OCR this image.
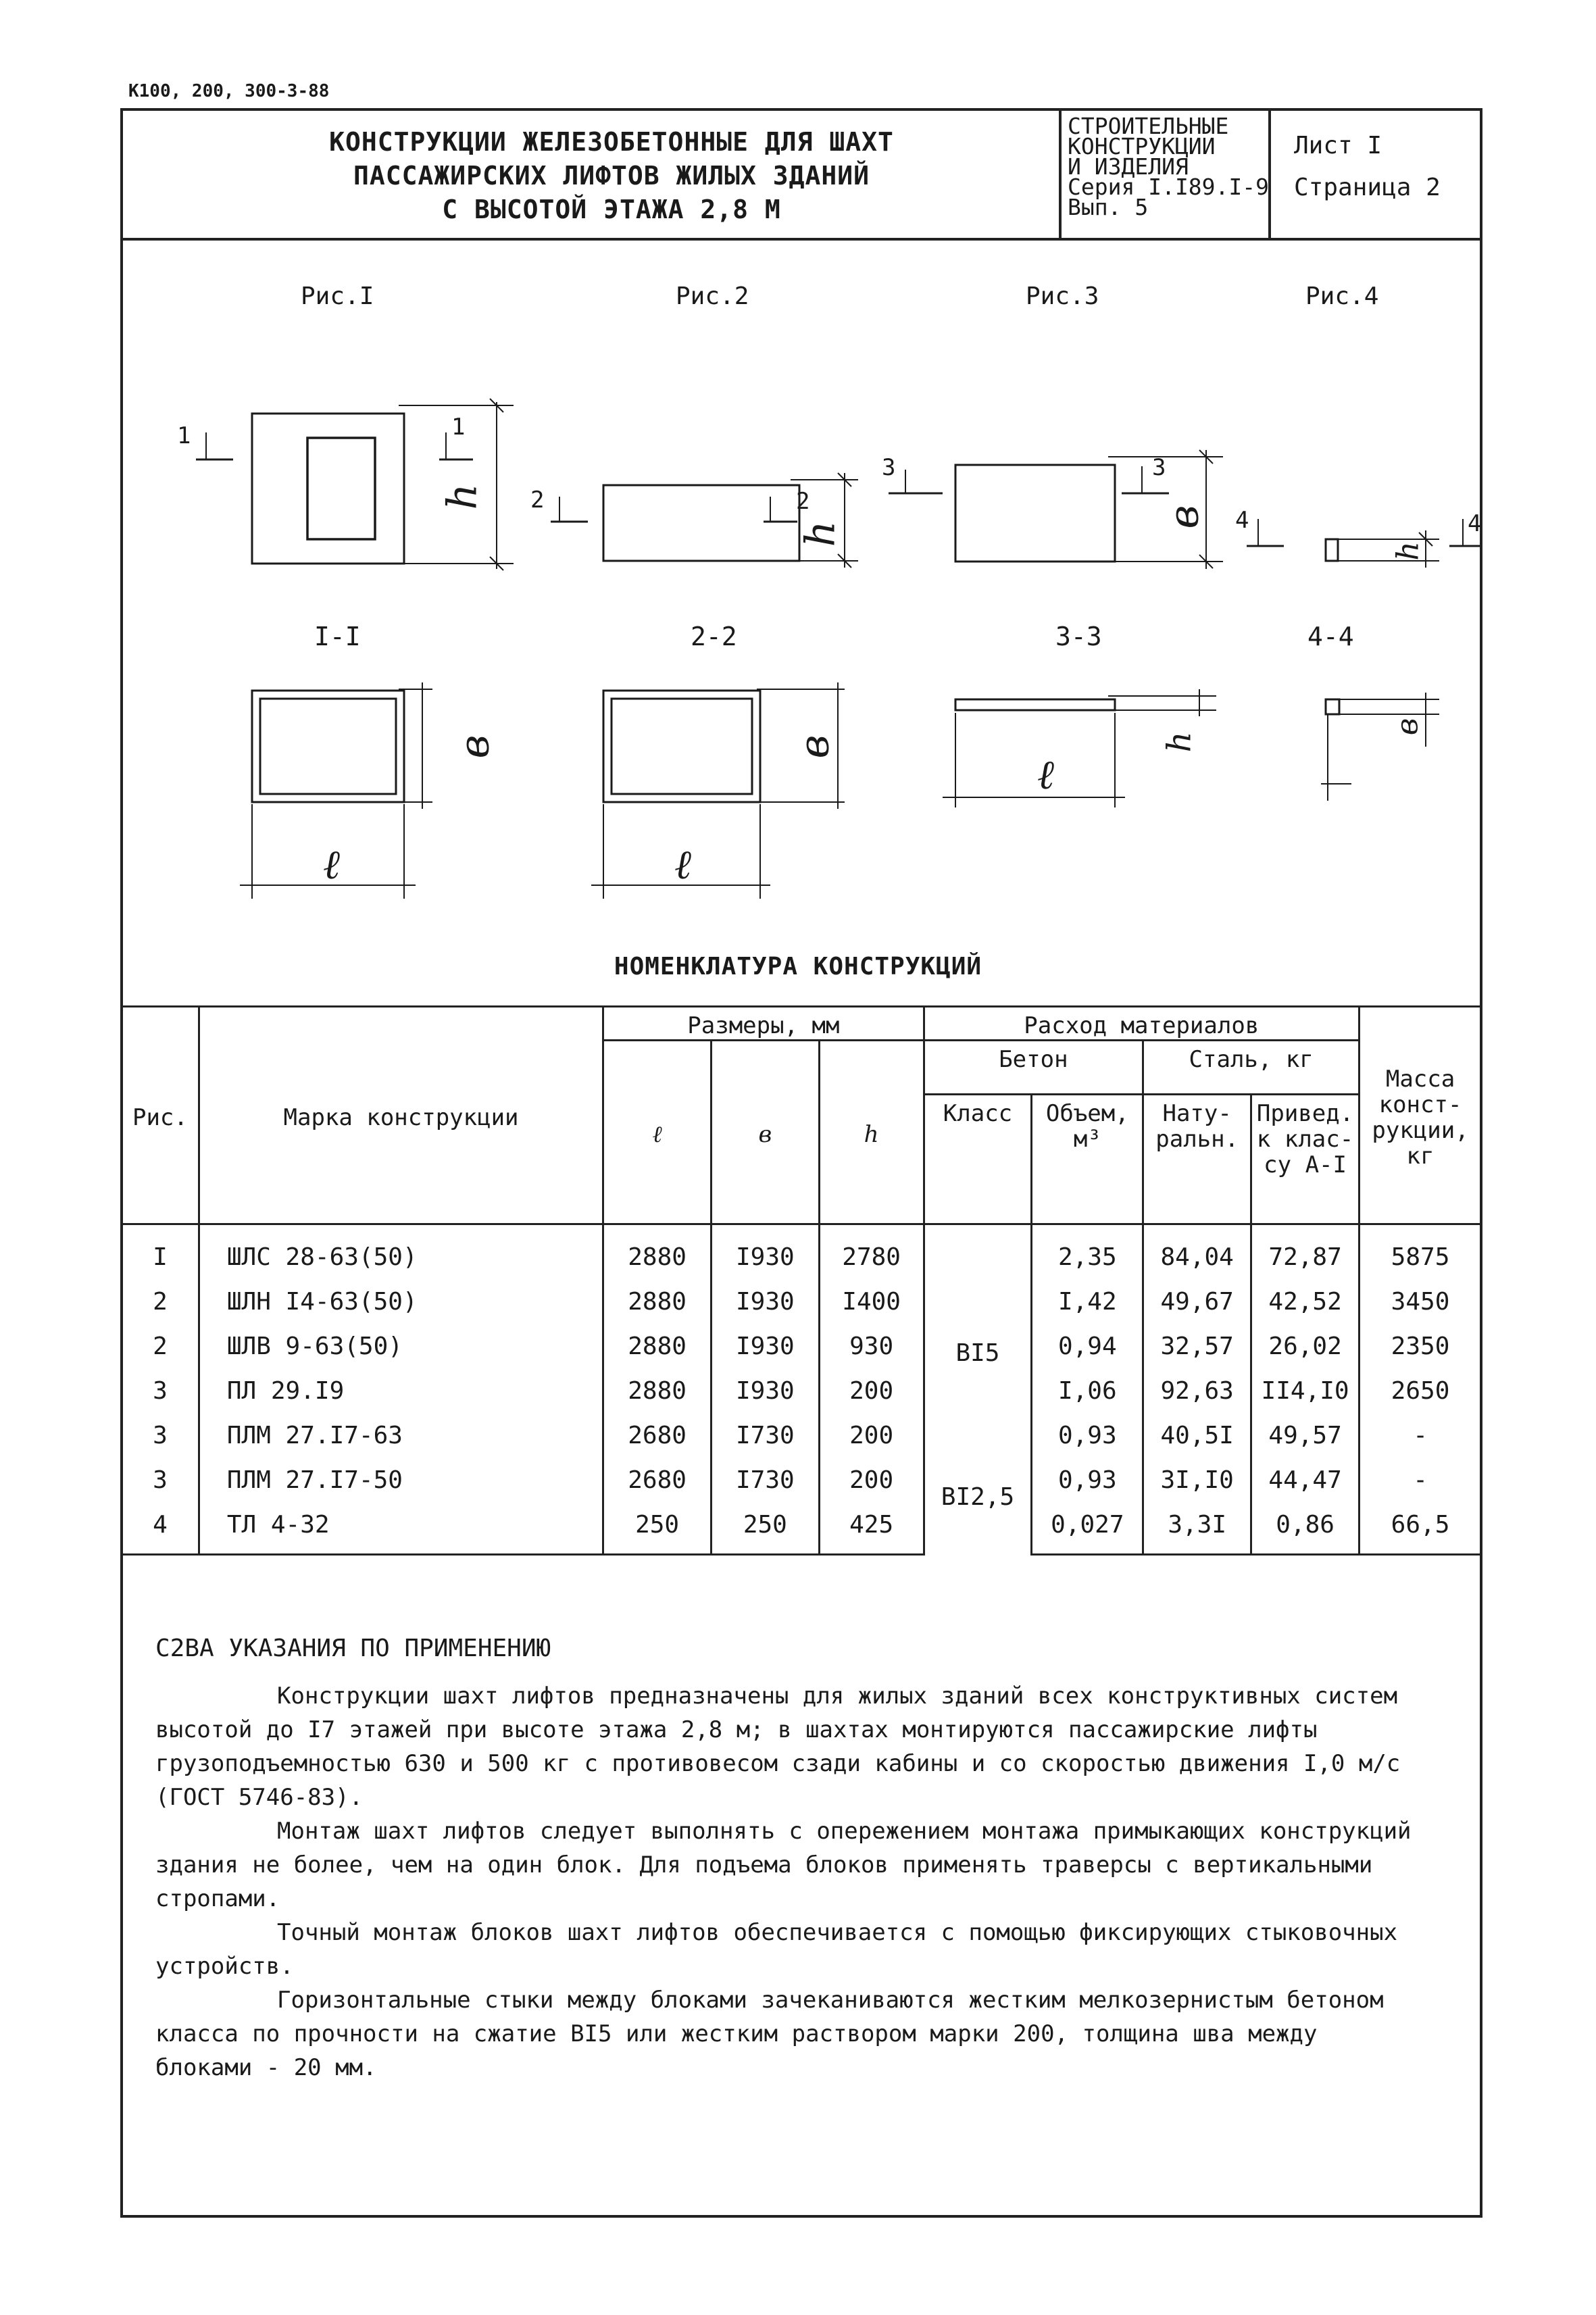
К100, 200, 300-3-88
КОНСТРУКЦИИ ЖЕЛЕЗОБЕТОННЫЕ ДЛЯ ШАХТ
ПАССАЖИРСКИХ ЛИФТОВ ЖИЛЫХ ЗДАНИЙ
С ВЫСОТОЙ ЭТАЖА 2,8 М
СТРОИТЕЛЬНЫЕ
КОНСТРУКЦИИ
И ИЗДЕЛИЯ
Серия I.I89.I-9
Вып. 5
Лист I
Страница 2
Рис.I	Рис.2	Рис.3	Рис.4
I-I	2-2	3-3	4-4
h
h
в
h
в
в
ℓ	ℓ
ℓ
h
в
1	1
2	2
3	3
4	4
НОМЕНКЛАТУРА КОНСТРУКЦИЙ
Рис.	Марка конструкции	Размеры, мм			Расход материалов				Масса конст- рукции, кг
		ℓ	в	h	Бетон		Сталь, кг		
					Класс	Объем, м³	Нату- ральн.	Привед. к клас- су А-I	
I	ШЛС 28-63(50)	2880	I930	2780	BI5	2,35	84,04	72,87	5875
2	ШЛН I4-63(50)	2880	I930	I400		I,42	49,67	42,52	3450
2	ШЛВ 9-63(50)	2880	I930	930		0,94	32,57	26,02	2350
3	ПЛ 29.I9	2880	I930	200		I,06	92,63	II4,I0	2650
3	ПЛМ 27.I7-63	2680	I730	200	BI2,5	0,93	40,5I	49,57	-
3	ПЛМ 27.I7-50	2680	I730	200		0,93	3I,I0	44,47	-
4	ТЛ 4-32	250	250	425		0,027	3,3I	0,86	66,5
С2ВА УКАЗАНИЯ ПО ПРИМЕНЕНИЮ

Конструкции шахт лифтов предназначены для жилых зданий всех конструктивных систем высотой до I7 этажей при высоте этажа 2,8 м; в шахтах монтируются пассажирские лифты грузоподъемностью 630 и 500 кг с противовесом сзади кабины и со скоростью движения I,0 м/с (ГОСТ 5746-83).

Монтаж шахт лифтов следует выполнять с опережением монтажа примыкающих конструкций здания не более, чем на один блок. Для подъема блоков применять траверсы с вертикальными стропами.

Точный монтаж блоков шахт лифтов обеспечивается с помощью фиксирующих стыковочных устройств.

Горизонтальные стыки между блоками зачеканиваются жестким мелкозернистым бетоном класса по прочности на сжатие BI5 или жестким раствором марки 200, толщина шва между блоками - 20 мм.
